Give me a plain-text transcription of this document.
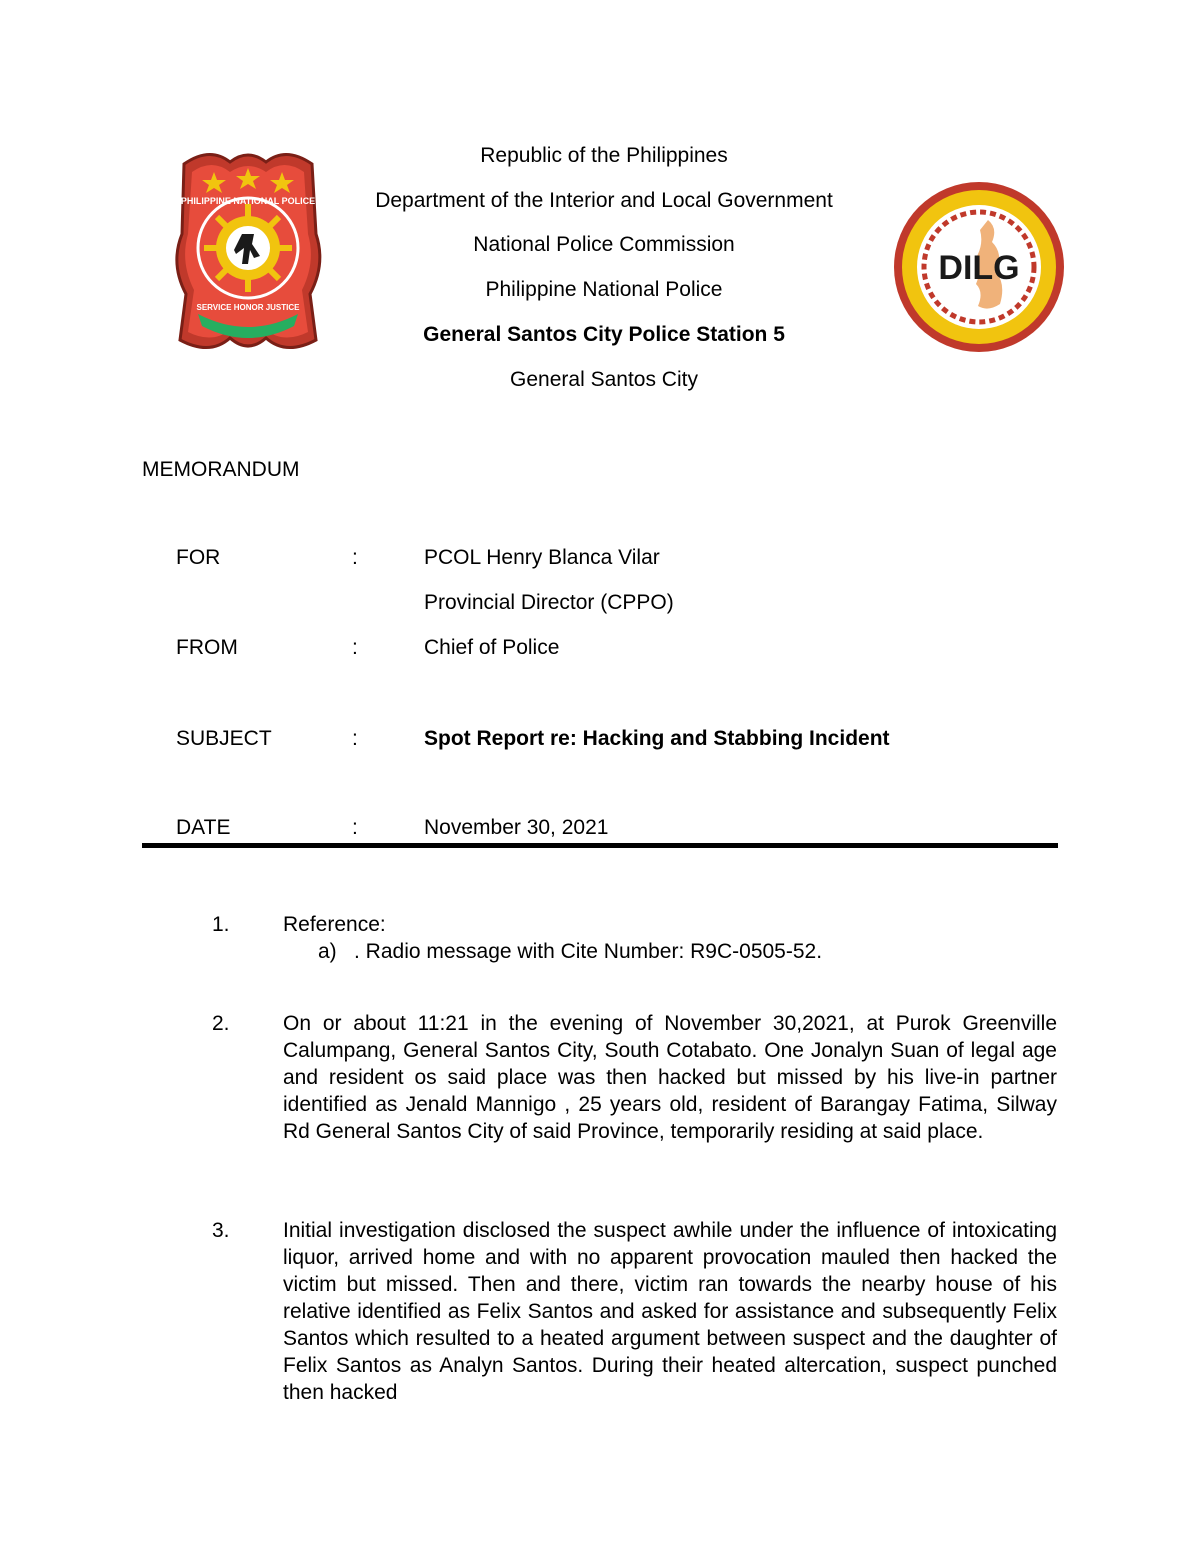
PHILIPPINE NATIONAL POLICE
SERVICE HONOR JUSTICE
DILG
Republic of the Philippines
Department of the Interior and Local Government
National Police Commission
Philippine National Police
General Santos City Police Station 5
General Santos City
MEMORANDUM
FOR	:	PCOL Henry Blanca Vilar
Provincial Director (CPPO)
FROM	:	Chief of Police
SUBJECT	:	Spot Report re: Hacking and Stabbing Incident
DATE	:	November 30, 2021
1.	Reference:
a) . Radio message with Cite Number: R9C-0505-52.
2.	On or about 11:21 in the evening of November 30,2021, at Purok Greenville Calumpang, General Santos City, South Cotabato. One Jonalyn Suan of legal age and resident os said place was then hacked but missed by his live-in partner identified as Jenald Mannigo , 25 years old, resident of Barangay Fatima, Silway Rd General Santos City of said Province, temporarily residing at said place.
3.	Initial investigation disclosed the suspect awhile under the influence of intoxicating liquor, arrived home and with no apparent provocation mauled then hacked the victim but missed. Then and there, victim ran towards the nearby house of his relative identified as Felix Santos and asked for assistance and subsequently Felix Santos which resulted to a heated argument between suspect and the daughter of Felix Santos as Analyn Santos. During their heated altercation, suspect punched then hacked
